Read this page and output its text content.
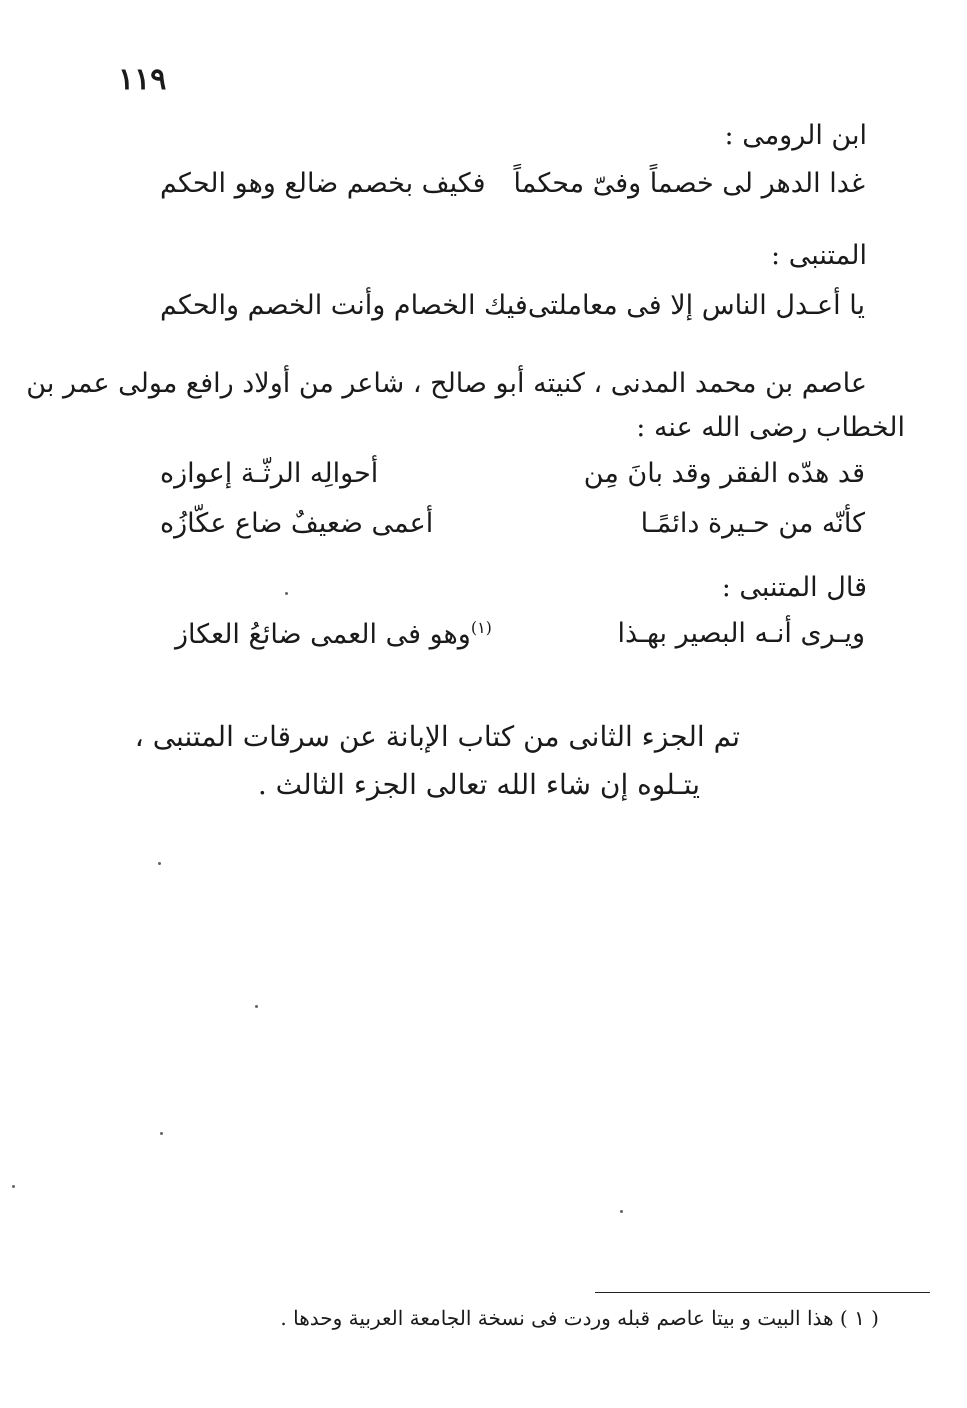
١١٩
ابن الرومى :
غدا الدهر لى خصماً وفىّ محكماً
فكيف بخصم ضالع وهو الحكم
المتنبى :
يا أعـدل الناس إلا فى معاملتى
فيك الخصام وأنت الخصم والحكم
عاصم بن محمد المدنى ، كنيته أبو صالح ، شاعر من أولاد رافع مولى عمر بن
الخطاب رضى الله عنه :
قد هدّه الفقر وقد بانَ مِن
أحوالِه الرثّـة إعوازه
كأنّه من حـيرة دائمًـا
أعمى ضعيفٌ ضاع عكّازُه
قال المتنبى :
ويـرى أنـه البصير بهـذا
$^{(١)}$وهو فى العمى ضائعُ العكاز
تم الجزء الثانى من كتاب الإبانة عن سرقات المتنبى ،
يتـلوه إن شاء الله تعالى الجزء الثالث .
( ١ ) هذا البيت و بيتا عاصم قبله وردت فى نسخة الجامعة العربية وحدها .
